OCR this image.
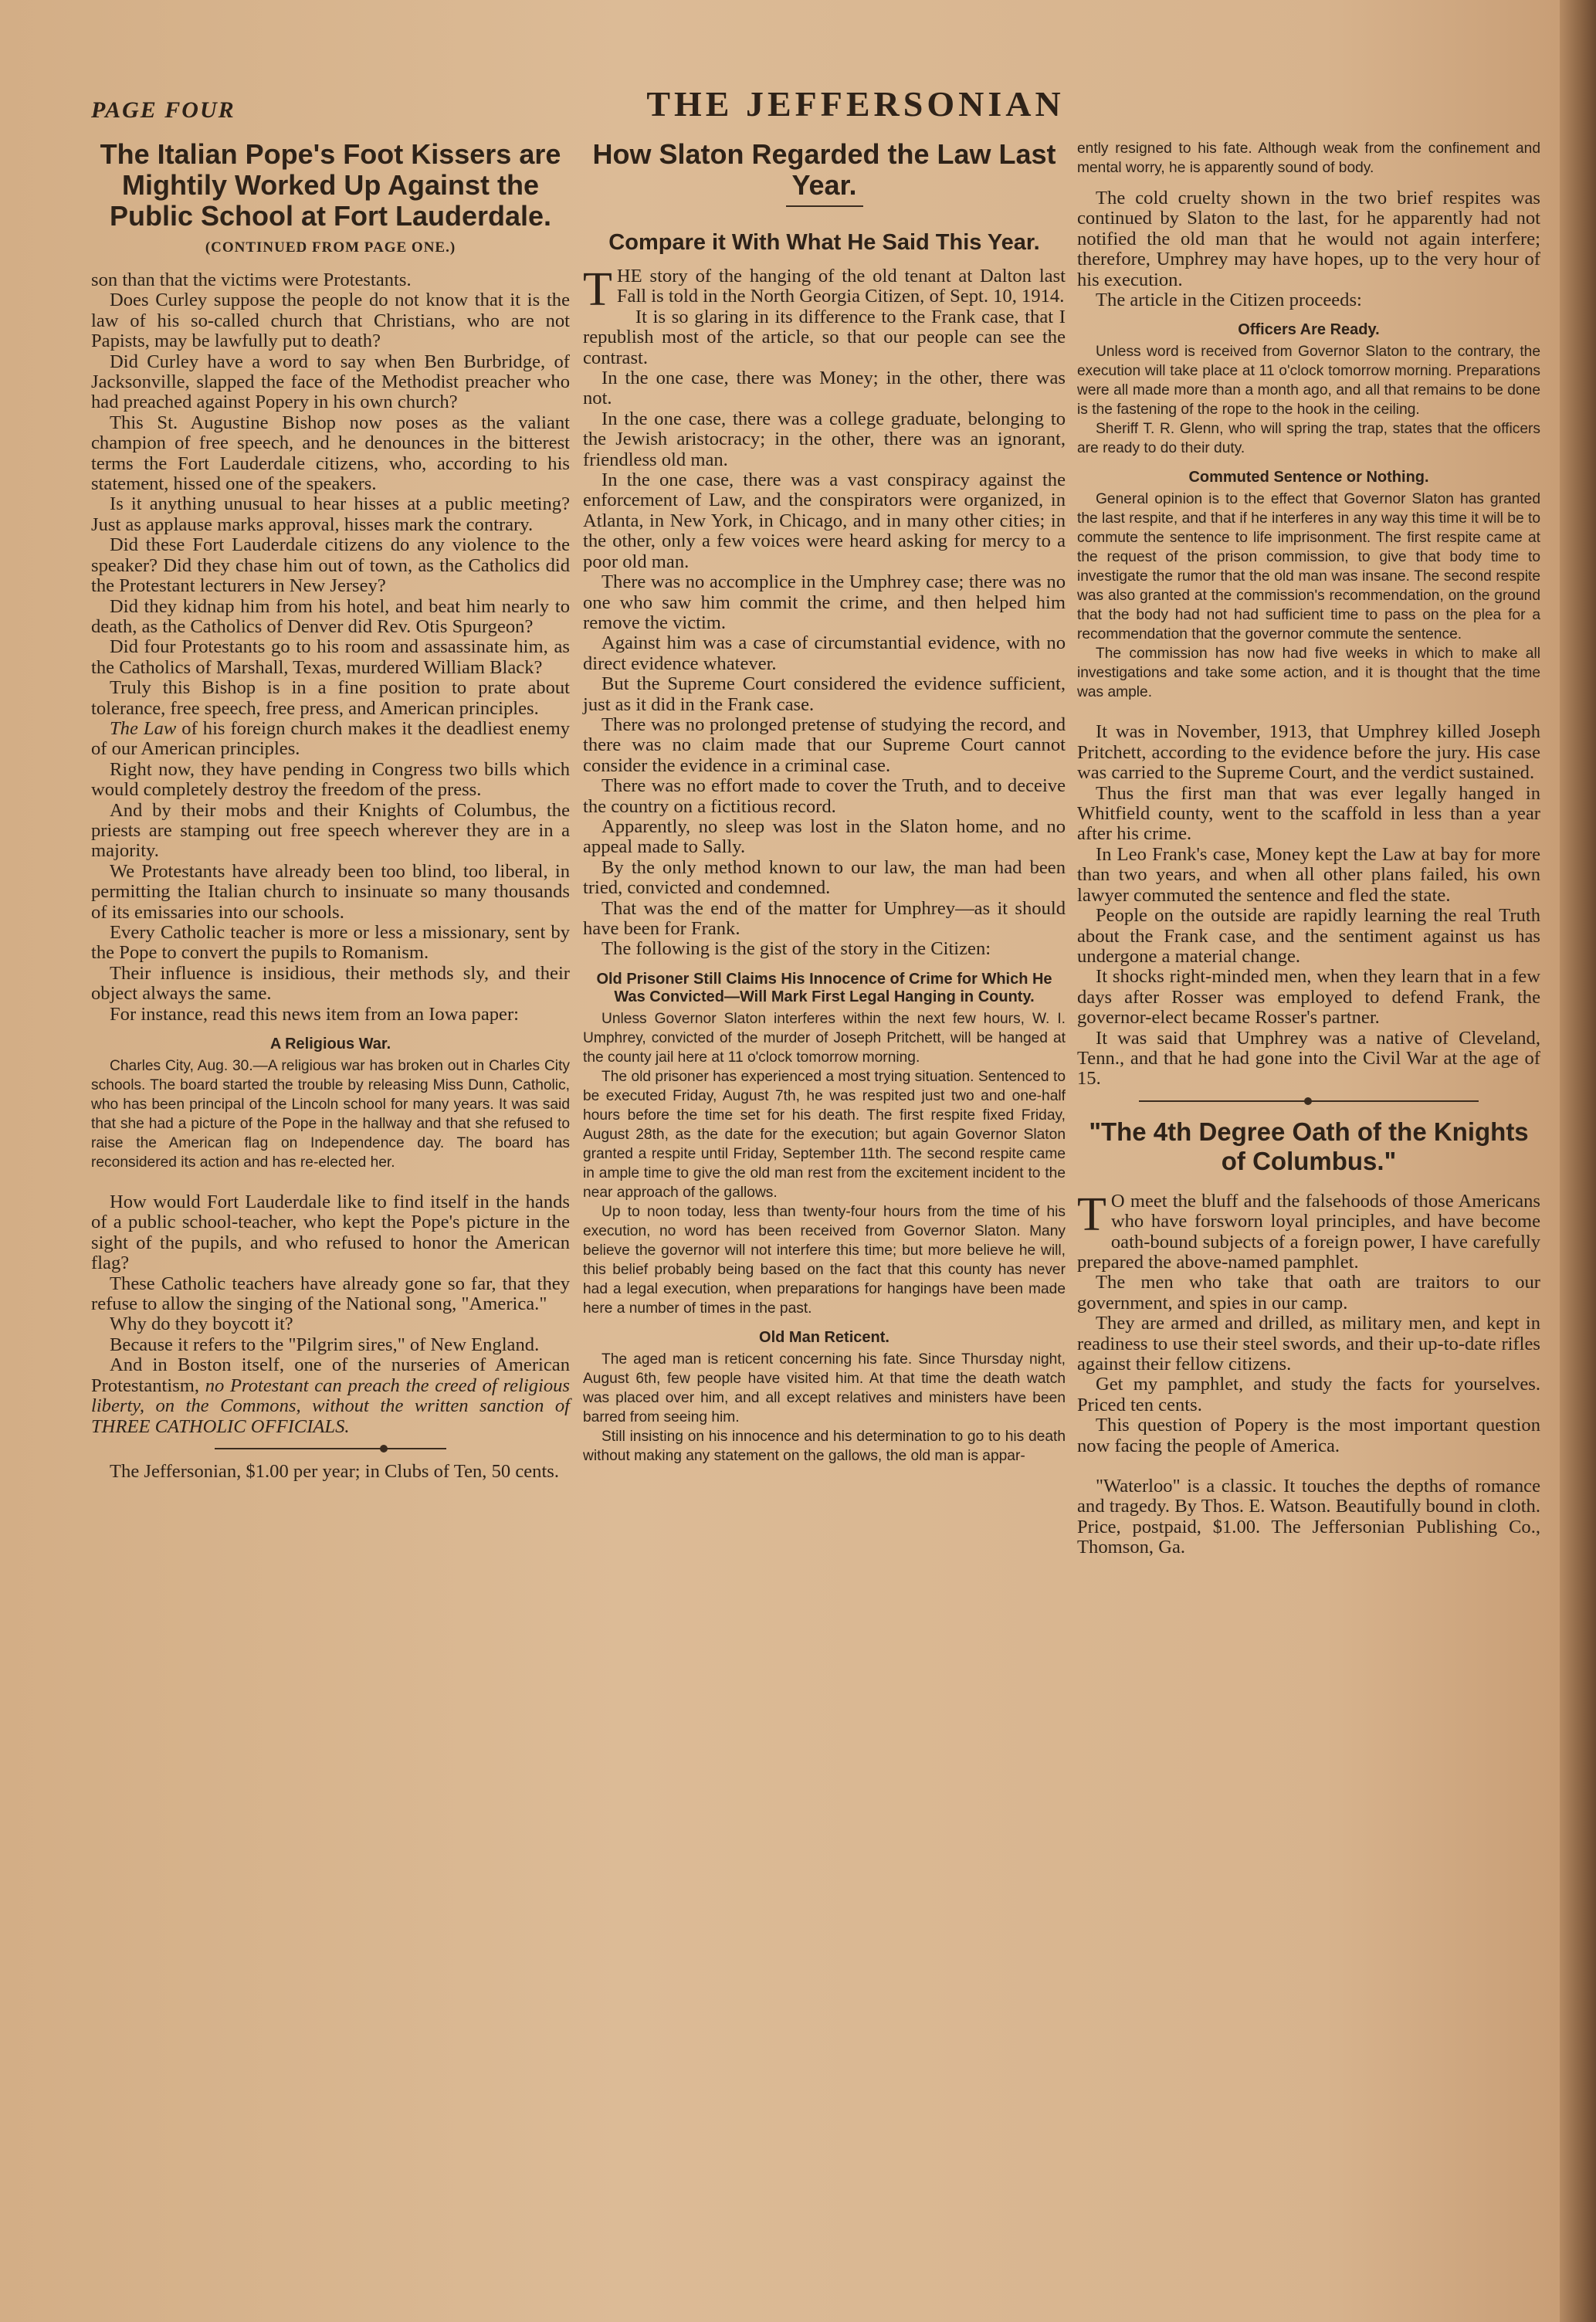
PAGE FOUR	THE JEFFERSONIAN
The Italian Pope's Foot Kissers are Mightily Worked Up Against the Public School at Fort Lauderdale.
(CONTINUED FROM PAGE ONE.)

son than that the victims were Protestants.

Does Curley suppose the people do not know that it is the law of his so-called church that Christians, who are not Papists, may be lawfully put to death?

Did Curley have a word to say when Ben Burbridge, of Jacksonville, slapped the face of the Methodist preacher who had preached against Popery in his own church?

This St. Augustine Bishop now poses as the valiant champion of free speech, and he denounces in the bitterest terms the Fort Lauderdale citizens, who, according to his statement, hissed one of the speakers.

Is it anything unusual to hear hisses at a public meeting? Just as applause marks approval, hisses mark the contrary.

Did these Fort Lauderdale citizens do any violence to the speaker? Did they chase him out of town, as the Catholics did the Protestant lecturers in New Jersey?

Did they kidnap him from his hotel, and beat him nearly to death, as the Catholics of Denver did Rev. Otis Spurgeon?

Did four Protestants go to his room and assassinate him, as the Catholics of Marshall, Texas, murdered William Black?

Truly this Bishop is in a fine position to prate about tolerance, free speech, free press, and American principles.

The Law of his foreign church makes it the deadliest enemy of our American principles.

Right now, they have pending in Congress two bills which would completely destroy the freedom of the press.

And by their mobs and their Knights of Columbus, the priests are stamping out free speech wherever they are in a majority.

We Protestants have already been too blind, too liberal, in permitting the Italian church to insinuate so many thousands of its emissaries into our schools.

Every Catholic teacher is more or less a missionary, sent by the Pope to convert the pupils to Romanism.

Their influence is insidious, their methods sly, and their object always the same.

For instance, read this news item from an Iowa paper:

A Religious War.

Charles City, Aug. 30.—A religious war has broken out in Charles City schools. The board started the trouble by releasing Miss Dunn, Catholic, who has been principal of the Lincoln school for many years. It was said that she had a picture of the Pope in the hallway and that she refused to raise the American flag on Independence day. The board has reconsidered its action and has re-elected her.

How would Fort Lauderdale like to find itself in the hands of a public school-teacher, who kept the Pope's picture in the sight of the pupils, and who refused to honor the American flag?

These Catholic teachers have already gone so far, that they refuse to allow the singing of the National song, "America."

Why do they boycott it?

Because it refers to the "Pilgrim sires," of New England.

And in Boston itself, one of the nurseries of American Protestantism, no Protestant can preach the creed of religious liberty, on the Commons, without the written sanction of THREE CATHOLIC OFFICIALS.

The Jeffersonian, $1.00 per year; in Clubs of Ten, 50 cents.

How Slaton Regarded the Law Last Year.
Compare it With What He Said This Year.

THE story of the hanging of the old tenant at Dalton last Fall is told in the North Georgia Citizen, of Sept. 10, 1914.

It is so glaring in its difference to the Frank case, that I republish most of the article, so that our people can see the contrast.

In the one case, there was Money; in the other, there was not.

In the one case, there was a college graduate, belonging to the Jewish aristocracy; in the other, there was an ignorant, friendless old man.

In the one case, there was a vast conspiracy against the enforcement of Law, and the conspirators were organized, in Atlanta, in New York, in Chicago, and in many other cities; in the other, only a few voices were heard asking for mercy to a poor old man.

There was no accomplice in the Umphrey case; there was no one who saw him commit the crime, and then helped him remove the victim.

Against him was a case of circumstantial evidence, with no direct evidence whatever.

But the Supreme Court considered the evidence sufficient, just as it did in the Frank case.

There was no prolonged pretense of studying the record, and there was no claim made that our Supreme Court cannot consider the evidence in a criminal case.

There was no effort made to cover the Truth, and to deceive the country on a fictitious record.

Apparently, no sleep was lost in the Slaton home, and no appeal made to Sally.

By the only method known to our law, the man had been tried, convicted and condemned.

That was the end of the matter for Umphrey—as it should have been for Frank.

The following is the gist of the story in the Citizen:

Old Prisoner Still Claims His Innocence of Crime for Which He Was Convicted—Will Mark First Legal Hanging in County.

Unless Governor Slaton interferes within the next few hours, W. I. Umphrey, convicted of the murder of Joseph Pritchett, will be hanged at the county jail here at 11 o'clock tomorrow morning.

The old prisoner has experienced a most trying situation. Sentenced to be executed Friday, August 7th, he was respited just two and one-half hours before the time set for his death. The first respite fixed Friday, August 28th, as the date for the execution; but again Governor Slaton granted a respite until Friday, September 11th. The second respite came in ample time to give the old man rest from the excitement incident to the near approach of the gallows.

Up to noon today, less than twenty-four hours from the time of his execution, no word has been received from Governor Slaton. Many believe the governor will not interfere this time; but more believe he will, this belief probably being based on the fact that this county has never had a legal execution, when preparations for hangings have been made here a number of times in the past.

Old Man Reticent.

The aged man is reticent concerning his fate. Since Thursday night, August 6th, few people have visited him. At that time the death watch was placed over him, and all except relatives and ministers have been barred from seeing him.

Still insisting on his innocence and his determination to go to his death without making any statement on the gallows, the old man is appar-

ently resigned to his fate. Although weak from the confinement and mental worry, he is apparently sound of body.

The cold cruelty shown in the two brief respites was continued by Slaton to the last, for he apparently had not notified the old man that he would not again interfere; therefore, Umphrey may have hopes, up to the very hour of his execution.

The article in the Citizen proceeds:

Officers Are Ready.

Unless word is received from Governor Slaton to the contrary, the execution will take place at 11 o'clock tomorrow morning. Preparations were all made more than a month ago, and all that remains to be done is the fastening of the rope to the hook in the ceiling.

Sheriff T. R. Glenn, who will spring the trap, states that the officers are ready to do their duty.

Commuted Sentence or Nothing.

General opinion is to the effect that Governor Slaton has granted the last respite, and that if he interferes in any way this time it will be to commute the sentence to life imprisonment. The first respite came at the request of the prison commission, to give that body time to investigate the rumor that the old man was insane. The second respite was also granted at the commission's recommendation, on the ground that the body had not had sufficient time to pass on the plea for a recommendation that the governor commute the sentence.

The commission has now had five weeks in which to make all investigations and take some action, and it is thought that the time was ample.

It was in November, 1913, that Umphrey killed Joseph Pritchett, according to the evidence before the jury. His case was carried to the Supreme Court, and the verdict sustained.

Thus the first man that was ever legally hanged in Whitfield county, went to the scaffold in less than a year after his crime.

In Leo Frank's case, Money kept the Law at bay for more than two years, and when all other plans failed, his own lawyer commuted the sentence and fled the state.

People on the outside are rapidly learning the real Truth about the Frank case, and the sentiment against us has undergone a material change.

It shocks right-minded men, when they learn that in a few days after Rosser was employed to defend Frank, the governor-elect became Rosser's partner.

It was said that Umphrey was a native of Cleveland, Tenn., and that he had gone into the Civil War at the age of 15.

"The 4th Degree Oath of the Knights of Columbus."

T O meet the bluff and the falsehoods of those Americans who have forsworn loyal principles, and have become oath-bound subjects of a foreign power, I have carefully prepared the above-named pamphlet.

The men who take that oath are traitors to our government, and spies in our camp.

They are armed and drilled, as military men, and kept in readiness to use their steel swords, and their up-to-date rifles against their fellow citizens.

Get my pamphlet, and study the facts for yourselves. Priced ten cents.

This question of Popery is the most important question now facing the people of America.

"Waterloo" is a classic. It touches the depths of romance and tragedy. By Thos. E. Watson. Beautifully bound in cloth. Price, postpaid, $1.00. The Jeffersonian Publishing Co., Thomson, Ga.
